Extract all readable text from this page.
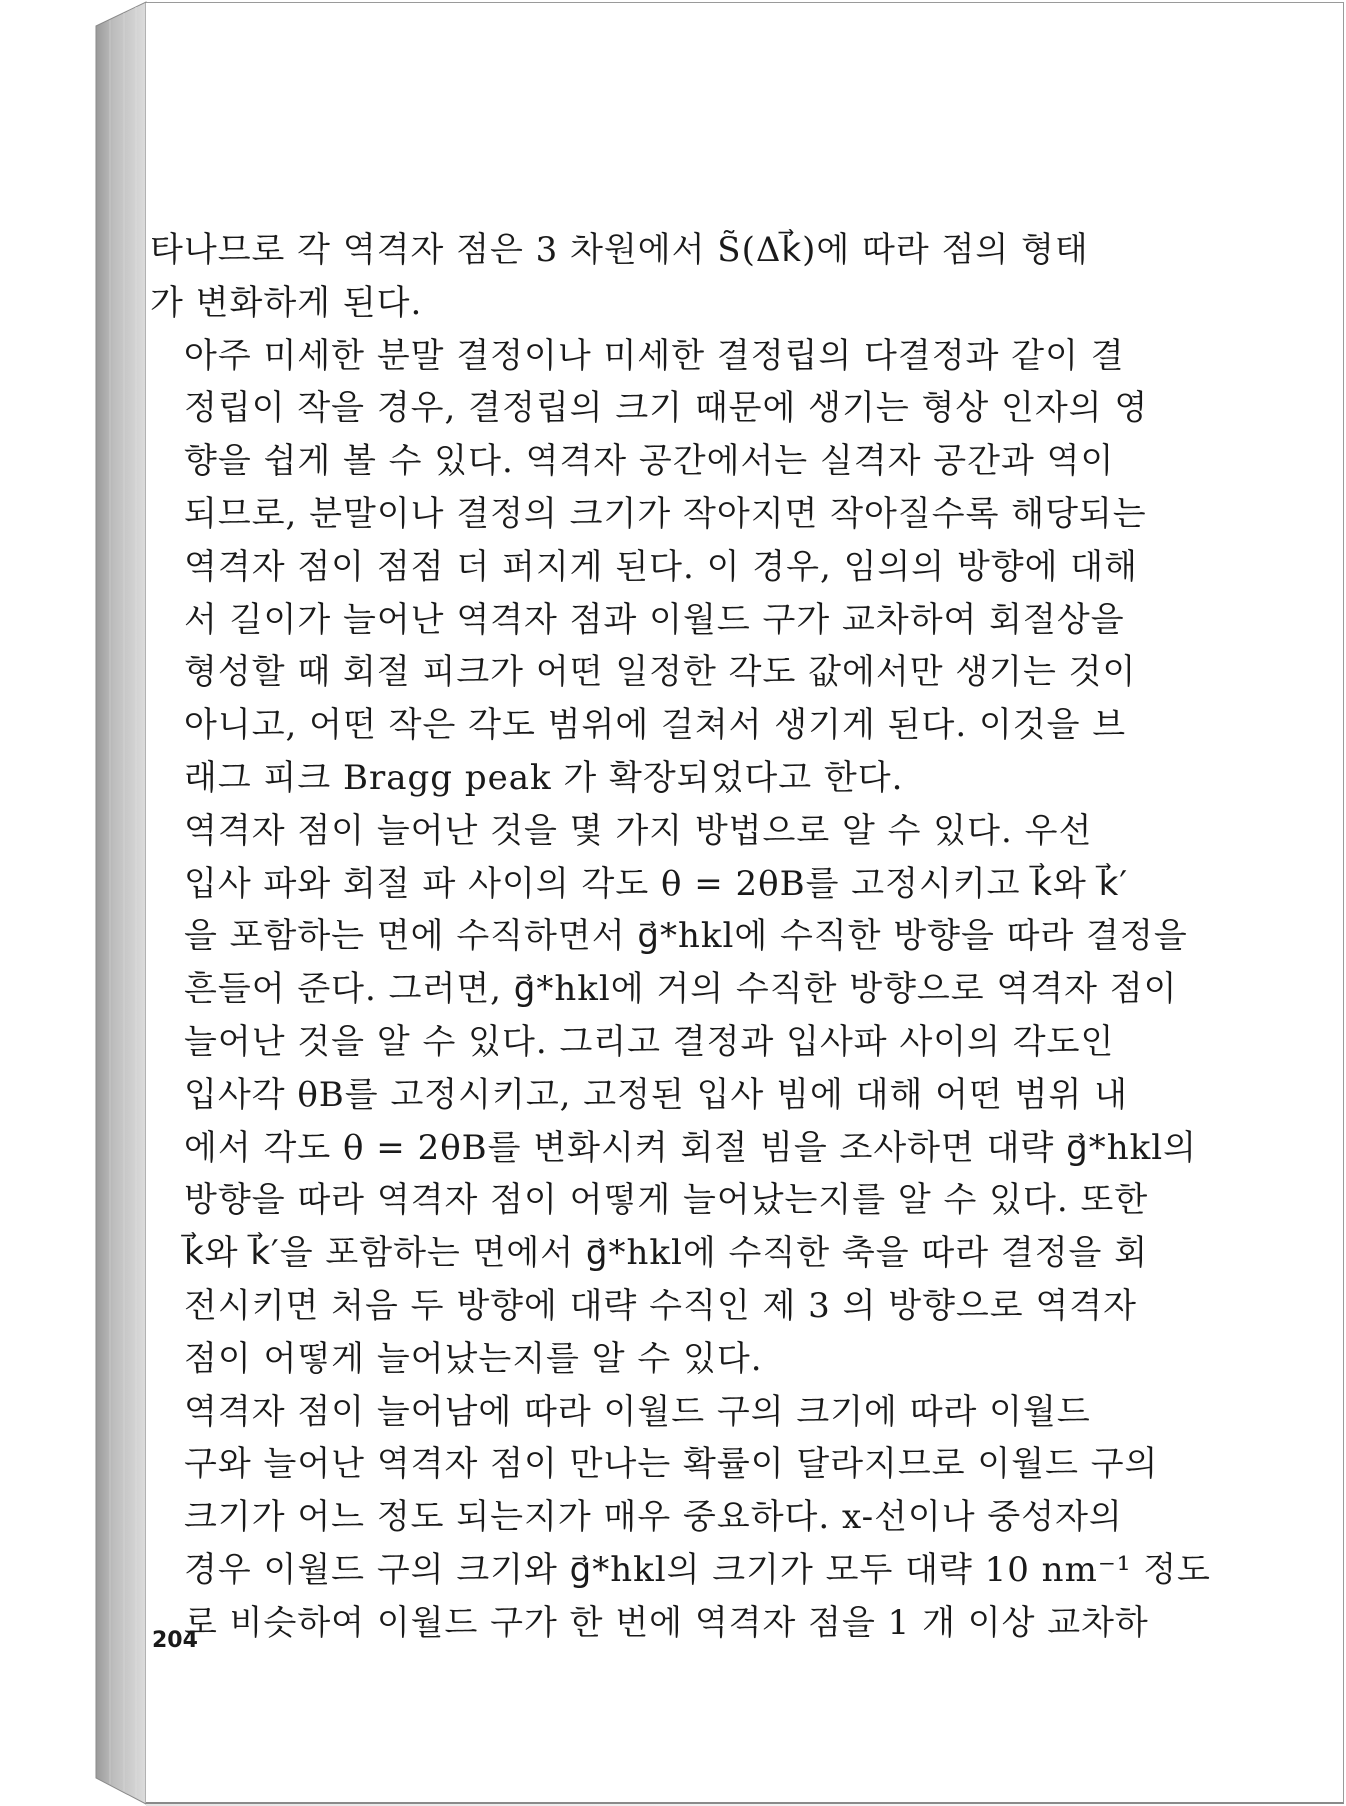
타나므로 각 역격자 점은 3 차원에서 S̃(Δk⃗)에 따라 점의 형태
가 변화하게 된다.

아주 미세한 분말 결정이나 미세한 결정립의 다결정과 같이 결
정립이 작을 경우, 결정립의 크기 때문에 생기는 형상 인자의 영
향을 쉽게 볼 수 있다. 역격자 공간에서는 실격자 공간과 역이
되므로, 분말이나 결정의 크기가 작아지면 작아질수록 해당되는
역격자 점이 점점 더 퍼지게 된다. 이 경우, 임의의 방향에 대해
서 길이가 늘어난 역격자 점과 이월드 구가 교차하여 회절상을
형성할 때 회절 피크가 어떤 일정한 각도 값에서만 생기는 것이
아니고, 어떤 작은 각도 범위에 걸쳐서 생기게 된다. 이것을 브
래그 피크 Bragg peak 가 확장되었다고 한다.

역격자 점이 늘어난 것을 몇 가지 방법으로 알 수 있다. 우선
입사 파와 회절 파 사이의 각도 θ = 2θB를 고정시키고 k⃗와 k⃗′
을 포함하는 면에 수직하면서 g⃗*hkl에 수직한 방향을 따라 결정을
흔들어 준다. 그러면, g⃗*hkl에 거의 수직한 방향으로 역격자 점이
늘어난 것을 알 수 있다. 그리고 결정과 입사파 사이의 각도인
입사각 θB를 고정시키고, 고정된 입사 빔에 대해 어떤 범위 내
에서 각도 θ = 2θB를 변화시켜 회절 빔을 조사하면 대략 g⃗*hkl의
방향을 따라 역격자 점이 어떻게 늘어났는지를 알 수 있다. 또한
k⃗와 k⃗′을 포함하는 면에서 g⃗*hkl에 수직한 축을 따라 결정을 회
전시키면 처음 두 방향에 대략 수직인 제 3 의 방향으로 역격자
점이 어떻게 늘어났는지를 알 수 있다.

역격자 점이 늘어남에 따라 이월드 구의 크기에 따라 이월드
구와 늘어난 역격자 점이 만나는 확률이 달라지므로 이월드 구의
크기가 어느 정도 되는지가 매우 중요하다. x-선이나 중성자의
경우 이월드 구의 크기와 g⃗*hkl의 크기가 모두 대략 10 nm⁻¹ 정도
로 비슷하여 이월드 구가 한 번에 역격자 점을 1 개 이상 교차하

204
